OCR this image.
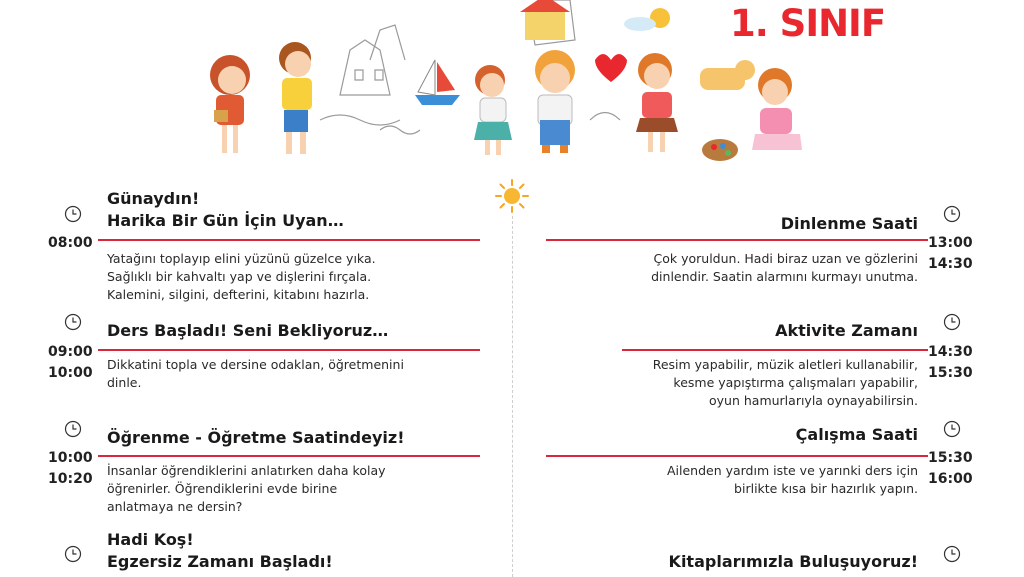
1. SINIF
Günaydın!
Harika Bir Gün İçin Uyan…
08:00
Yatağını toplayıp elini yüzünü güzelce yıka.
Sağlıklı bir kahvaltı yap ve dişlerini fırçala.
Kalemini, silgini, defterini, kitabını hazırla.
Ders Başladı! Seni Bekliyoruz…
09:00
10:00
Dikkatini topla ve dersine odaklan, öğretmenini
dinle.
Öğrenme - Öğretme Saatindeyiz!
10:00
10:20
İnsanlar öğrendiklerini anlatırken daha kolay
öğrenirler. Öğrendiklerini evde birine
anlatmaya ne dersin?
Hadi Koş!
Egzersiz Zamanı Başladı!
Dinlenme Saati
13:00
14:30
Çok yoruldun. Hadi biraz uzan ve gözlerini
dinlendir. Saatin alarmını kurmayı unutma.
Aktivite Zamanı
14:30
15:30
Resim yapabilir, müzik aletleri kullanabilir,
kesme yapıştırma çalışmaları yapabilir,
oyun hamurlarıyla oynayabilirsin.
Çalışma Saati
15:30
16:00
Ailenden yardım iste ve yarınki ders için
birlikte kısa bir hazırlık yapın.
Kitaplarımızla Buluşuyoruz!
